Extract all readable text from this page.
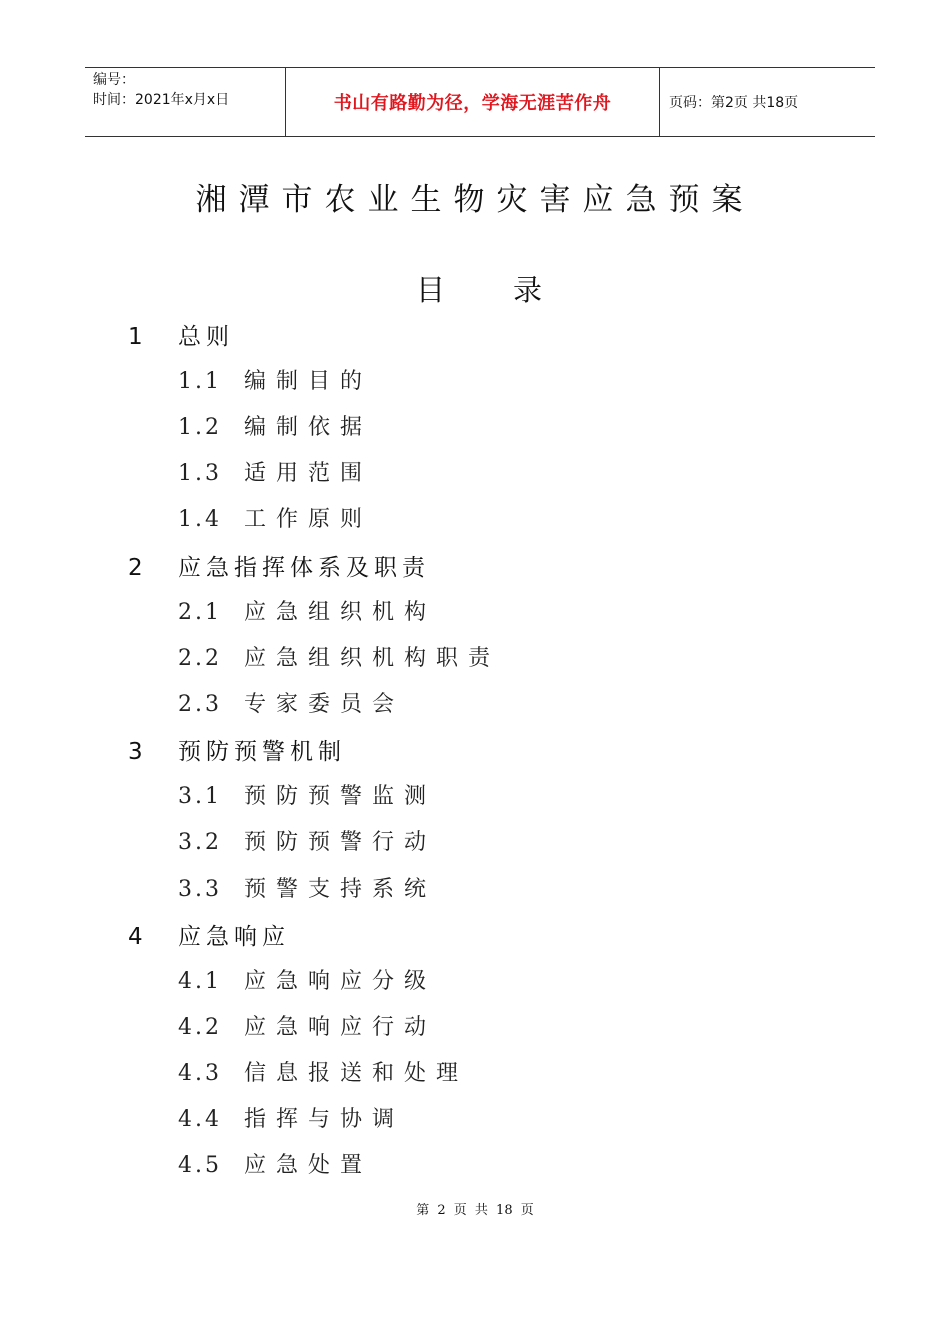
编号：
时间：2021年x月x日	书山有路勤为径，学海无涯苦作舟	页码：第2页 共18页
湘潭市农业生物灾害应急预案
目 录
1 总则
1.1 编制目的
1.2 编制依据
1.3 适用范围
1.4 工作原则
2 应急指挥体系及职责
2.1 应急组织机构
2.2 应急组织机构职责
2.3 专家委员会
3 预防预警机制
3.1 预防预警监测
3.2 预防预警行动
3.3 预警支持系统
4 应急响应
4.1 应急响应分级
4.2 应急响应行动
4.3 信息报送和处理
4.4 指挥与协调
4.5 应急处置
第 2 页 共 18 页
